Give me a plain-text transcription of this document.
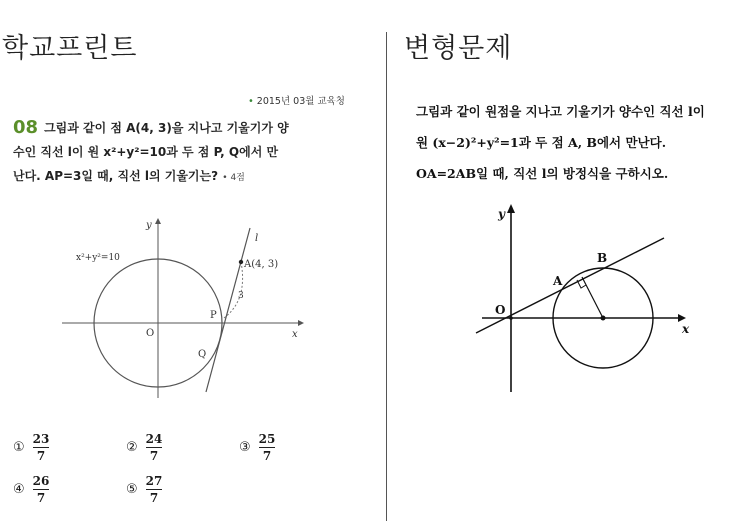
학교프린트
• 2015년 03월 교육청
08 그림과 같이 점 A(4, 3)을 지나고 기울기가 양
수인 직선 l이 원 x²+y²=10과 두 점 P, Q에서 만
난다. AP=3일 때, 직선 l의 기울기는? • 4점
x²+y²=10
y
x
O
l
A(4, 3)
P
Q
3
① $\frac{23}{7}$	② $\frac{24}{7}$	③ $\frac{25}{7}$
④ $\frac{26}{7}$	⑤ $\frac{27}{7}$
변형문제
그림과 같이 원점을 지나고 기울기가 양수인 직선 l이
원 (x−2)²+y²=1과 두 점 A, B에서 만난다.
OA=2AB일 때, 직선 l의 방정식을 구하시오.
y
x
O
A
B
